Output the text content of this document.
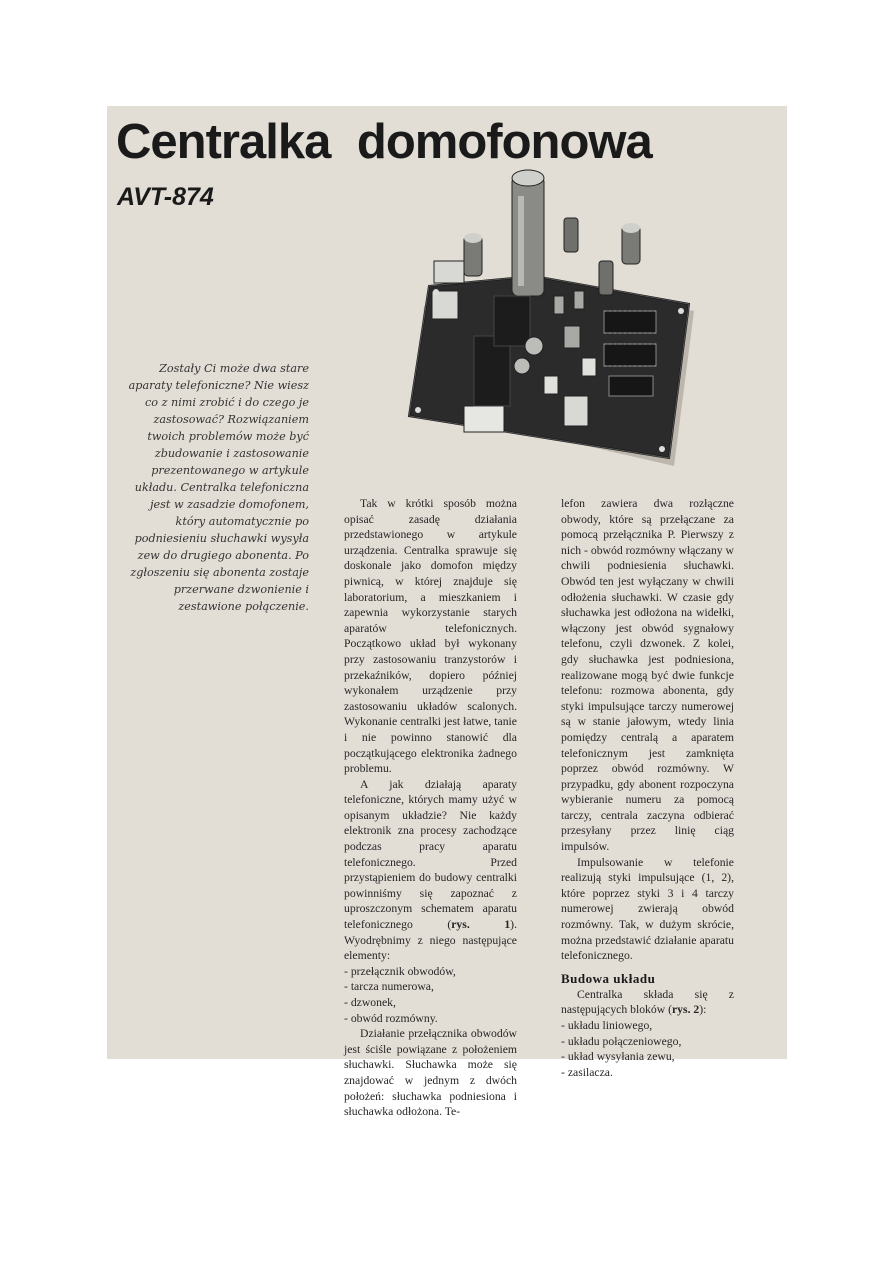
Centralka domofonowa
AVT-874

Zostały Ci może dwa stare aparaty telefoniczne? Nie wiesz co z nimi zrobić i do czego je zastosować? Rozwiązaniem twoich problemów może być zbudowanie i zastosowanie prezentowanego w artykule układu. Centralka telefoniczna jest w zasadzie domofonem, który automatycznie po podniesieniu słuchawki wysyła zew do drugiego abonenta. Po zgłoszeniu się abonenta zostaje przerwane dzwonienie i zestawione połączenie.

Tak w krótki sposób można opisać zasadę działania przedstawionego w artykule urządzenia. Centralka sprawuje się doskonale jako domofon między piwnicą, w której znajduje się laboratorium, a mieszkaniem i zapewnia wykorzystanie starych aparatów telefonicznych. Początkowo układ był wykonany przy zastosowaniu tranzystorów i przekaźników, dopiero później wykonałem urządzenie przy zastosowaniu układów scalonych. Wykonanie centralki jest łatwe, tanie i nie powinno stanowić dla początkującego elektronika żadnego problemu.

A jak działają aparaty telefoniczne, których mamy użyć w opisanym układzie? Nie każdy elektronik zna procesy zachodzące podczas pracy aparatu telefonicznego. Przed przystąpieniem do budowy centralki powinniśmy się zapoznać z uproszczonym schematem aparatu telefonicznego (rys. 1). Wyodrębnimy z niego następujące elementy:

- przełącznik obwodów,
- tarcza numerowa,
- dzwonek,
- obwód rozmówny.

Działanie przełącznika obwodów jest ściśle powiązane z położeniem słuchawki. Słuchawka może się znajdować w jednym z dwóch położeń: słuchawka podniesiona i słuchawka odłożona. Te-

lefon zawiera dwa rozłączne obwody, które są przełączane za pomocą przełącznika P. Pierwszy z nich - obwód rozmówny włączany w chwili podniesienia słuchawki. Obwód ten jest wyłączany w chwili odłożenia słuchawki. W czasie gdy słuchawka jest odłożona na widełki, włączony jest obwód sygnałowy telefonu, czyli dzwonek. Z kolei, gdy słuchawka jest podniesiona, realizowane mogą być dwie funkcje telefonu: rozmowa abonenta, gdy styki impulsujące tarczy numerowej są w stanie jałowym, wtedy linia pomiędzy centralą a aparatem telefonicznym jest zamknięta poprzez obwód rozmówny. W przypadku, gdy abonent rozpoczyna wybieranie numeru za pomocą tarczy, centrala zaczyna odbierać przesyłany przez linię ciąg impulsów.

Impulsowanie w telefonie realizują styki impulsujące (1, 2), które poprzez styki 3 i 4 tarczy numerowej zwierają obwód rozmówny. Tak, w dużym skrócie, można przedstawić działanie aparatu telefonicznego.

Budowa układu

Centralka składa się z następujących bloków (rys. 2):

- układu liniowego,
- układu połączeniowego,
- układ wysyłania zewu,
- zasilacza.
